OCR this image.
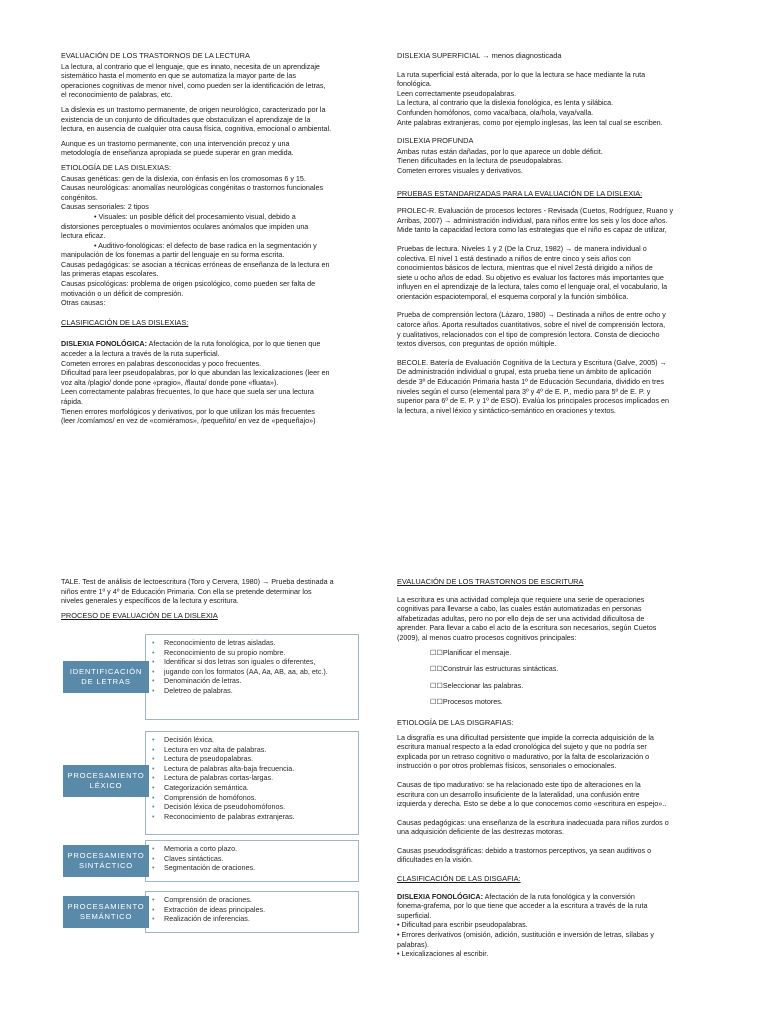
EVALUACIÓN DE LOS TRASTORNOS DE LA LECTURA
La lectura, al contrario que el lenguaje, que es innato, necesita de un aprendizaje
sistemático hasta el momento en que se automatiza la mayor parte de las
operaciones cognitivas de menor nivel, como pueden ser la identificación de letras,
el reconocimiento de palabras, etc.
La dislexia es un trastorno permanente, de origen neurológico, caracterizado por la
existencia de un conjunto de dificultades que obstaculizan el aprendizaje de la
lectura, en ausencia de cualquier otra causa física, cognitiva, emocional o ambiental.
Aunque es un trastorno permanente, con una intervención precoz y una
metodología de enseñanza apropiada se puede superar en gran medida.
ETIOLOGÍA DE LAS DISLEXIAS:
Causas genéticas: gen de la dislexia, con énfasis en los cromosomas 6 y 15.
Causas neurológicas: anomalías neurológicas congénitas o trastornos funcionales
congénitos.
Causas sensoriales: 2 tipos
• Visuales: un posible déficit del procesamiento visual, debido a
distorsiones perceptuales o movimientos oculares anómalos que impiden una
lectura eficaz.
• Auditivo-fonológicas: el defecto de base radica en la segmentación y
manipulación de los fonemas a partir del lenguaje en su forma escrita.
Causas pedagógicas: se asocian a técnicas erróneas de enseñanza de la lectura en
las primeras etapas escolares.
Causas psicológicas: problema de origen psicológico, como pueden ser falta de
motivación o un déficit de compresión.
Otras causas:
CLASIFICACIÓN DE LAS DISLEXIAS:
DISLEXIA FONOLÓGICA: Afectación de la ruta fonológica, por lo que tienen que
acceder a la lectura a través de la ruta superficial.
Cometen errores en palabras desconocidas y poco frecuentes.
Dificultad para leer pseudopalabras, por lo que abundan las lexicalizaciones (leer en
voz alta /plagio/ donde pone «pragio», /flauta/ donde pone «fluata»).
Leen correctamente palabras frecuentes, lo que hace que suela ser una lectura
rápida.
Tienen errores morfológicos y derivativos, por lo que utilizan los más frecuentes
(leer /comíamos/ en vez de «comiéramos», /pequeñito/ en vez de «pequeñajo»)
DISLEXIA SUPERFICIAL → menos diagnosticada
La ruta superficial está alterada, por lo que la lectura se hace mediante la ruta
fonológica.
Leen correctamente pseudopalabras.
La lectura, al contrario que la dislexia fonológica, es lenta y silábica.
Confunden homófonos, como vaca/baca, ola/hola, vaya/valla.
Ante palabras extranjeras, como por ejemplo inglesas, las leen tal cual se escriben.
DISLEXIA PROFUNDA
Ambas rutas están dañadas, por lo que aparece un doble déficit.
Tienen dificultades en la lectura de pseudopalabras.
Cometen errores visuales y derivativos.
PRUEBAS ESTANDARIZADAS PARA LA EVALUACIÓN DE LA DISLEXIA:
PROLEC-R. Evaluación de procesos lectores - Revisada (Cuetos, Rodríguez, Ruano y
Arribas, 2007) → administración individual, para niños entre los seis y los doce años.
Mide tanto la capacidad lectora como las estrategias que el niño es capaz de utilizar,
Pruebas de lectura. Niveles 1 y 2 (De la Cruz, 1982) → de manera individual o
colectiva. El nivel 1 está destinado a niños de entre cinco y seis años con
conocimientos básicos de lectura, mientras que el nivel 2está dirigido a niños de
siete u ocho años de edad. Su objetivo es evaluar los factores más importantes que
influyen en el aprendizaje de la lectura, tales como el lenguaje oral, el vocabulario, la
orientación espaciotemporal, el esquema corporal y la función simbólica.
Prueba de comprensión lectora (Lázaro, 1980) → Destinada a niños de entre ocho y
catorce años. Aporta resultados cuantitativos, sobre el nivel de comprensión lectora,
y cualitativos, relacionados con el tipo de compresión lectora. Consta de dieciocho
textos diversos, con preguntas de opción múltiple.
BECOLE. Batería de Evaluación Cognitiva de la Lectura y Escritura (Galve, 2005) →
De administración individual o grupal, esta prueba tiene un ámbito de aplicación
desde 3º de Educación Primaria hasta 1º de Educación Secundaria, dividido en tres
niveles según el curso (elemental para 3º y 4º de E. P., medio para 5º de E. P. y
superior para 6º de E. P. y 1º de ESO). Evalúa los principales procesos implicados en
la lectura, a nivel léxico y sintáctico-semántico en oraciones y textos.
TALE. Test de análisis de lectoescritura (Toro y Cervera, 1980) → Prueba destinada a
niños entre 1º y 4º de Educación Primaria. Con ella se pretende determinar los
niveles generales y específicos de la lectura y escritura.
PROCESO DE EVALUACIÓN DE LA DISLEXIA
• Reconocimiento de letras aisladas.
• Reconocimiento de su propio nombre.
• Identificar si dos letras son iguales o diferentes,
• jugando con los formatos (AA, Aa, AB, aa, ab, etc.).
• Denominación de letras.
• Deletreo de palabras.
IDENTIFICACIÓN
DE LETRAS
• Decisión léxica.
• Lectura en voz alta de palabras.
• Lectura de pseudopalabras.
• Lectura de palabras alta-baja frecuencia.
• Lectura de palabras cortas-largas.
• Categorización semántica.
• Comprensión de homófonos.
• Decisión léxica de pseudohomófonos.
• Reconocimiento de palabras extranjeras.
PROCESAMIENTO
LÉXICO
• Memoria a corto plazo.
• Claves sintácticas.
• Segmentación de oraciones.
PROCESAMIENTO
SINTÁCTICO
• Comprensión de oraciones.
• Extracción de ideas principales.
• Realización de inferencias.
PROCESAMIENTO
SEMÁNTICO
EVALUACIÓN DE LOS TRASTORNOS DE ESCRITURA
La escritura es una actividad compleja que requiere una serie de operaciones
cognitivas para llevarse a cabo, las cuales están automatizadas en personas
alfabetizadas adultas, pero no por ello deja de ser una actividad dificultosa de
aprender. Para llevar a cabo el acto de la escritura son necesarios, según Cuetos
(2009), al menos cuatro procesos cognitivos principales:
☐☐Planificar el mensaje.
☐☐Construir las estructuras sintácticas.
☐☐Seleccionar las palabras.
☐☐Procesos motores.
ETIOLOGÍA DE LAS DISGRAFIAS:
La disgrafía es una dificultad persistente que impide la correcta adquisición de la
escritura manual respecto a la edad cronológica del sujeto y que no podría ser
explicada por un retraso cognitivo o madurativo, por la falta de escolarización o
instrucción o por otros problemas físicos, sensoriales o emocionales.
Causas de tipo madurativo: se ha relacionado este tipo de alteraciones en la
escritura con un desarrollo insuficiente de la lateralidad, una confusión entre
izquierda y derecha. Esto se debe a lo que conocemos como «escritura en espejo»..
Causas pedagógicas: una enseñanza de la escritura inadecuada para niños zurdos o
una adquisición deficiente de las destrezas motoras.
Causas pseudodisgráficas: debido a trastornos perceptivos, ya sean auditivos o
dificultades en la visión.
CLASIFICACIÓN DE LAS DISGAFIA:
DISLEXIA FONOLÓGICA: Afectación de la ruta fonológica y la conversión
fonema-grafema, por lo que tiene que acceder a la escritura a través de la ruta
superficial.
• Dificultad para escribir pseudopalabras.
• Errores derivativos (omisión, adición, sustitución e inversión de letras, sílabas y
palabras).
• Lexicalizaciones al escribir.
